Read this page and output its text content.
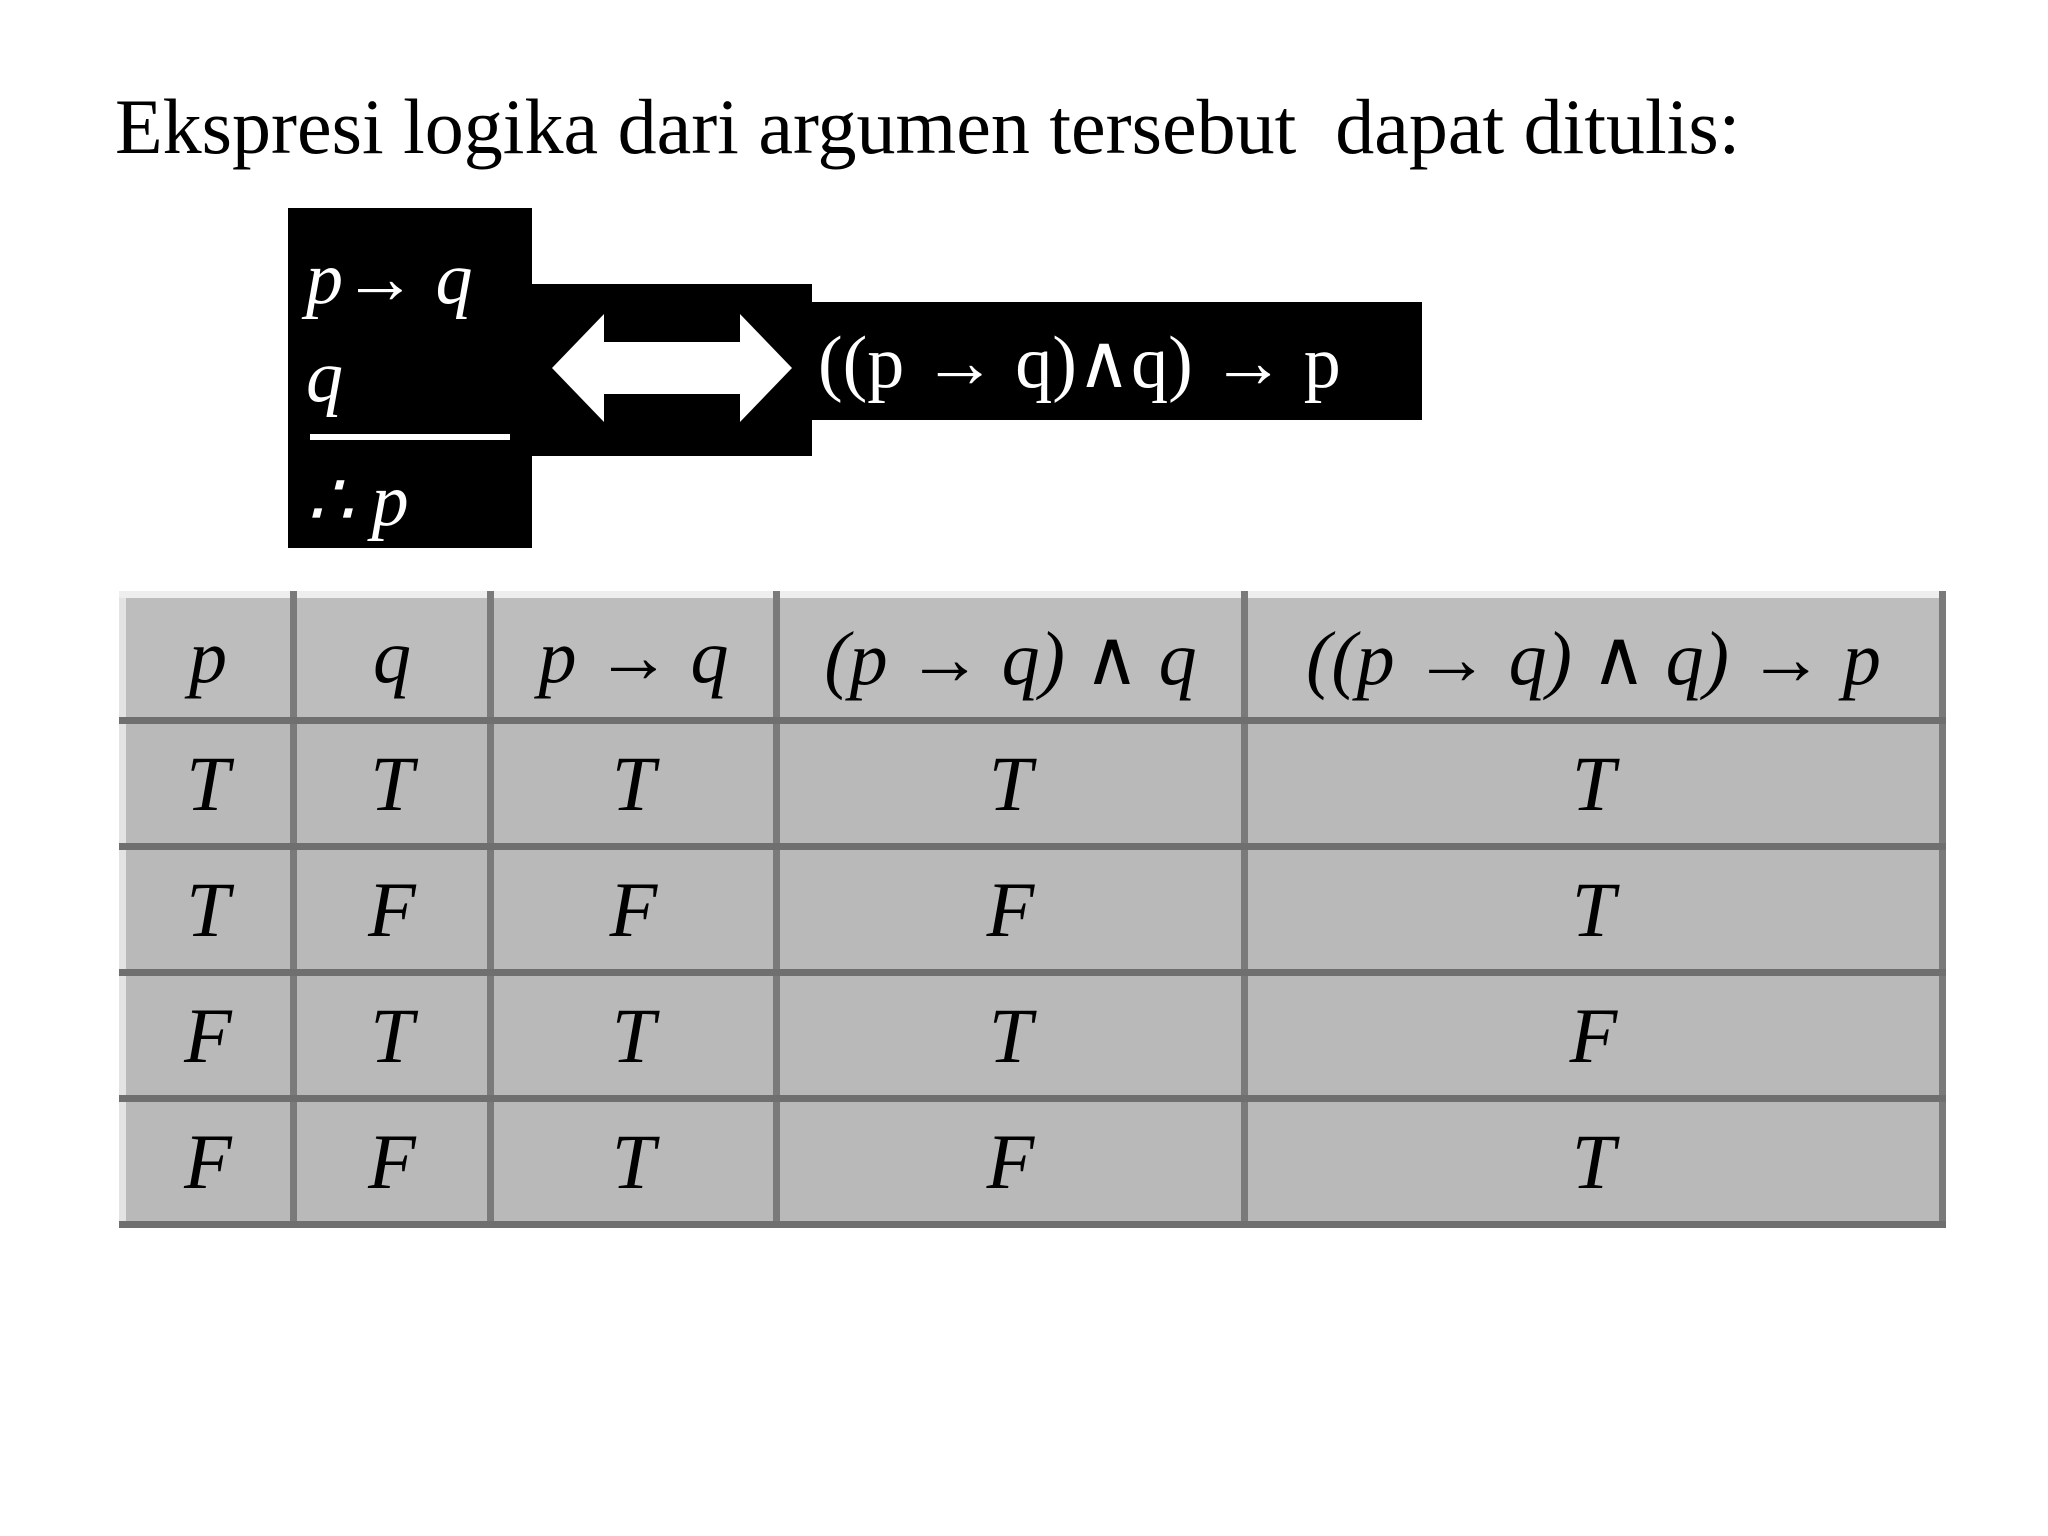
Ekspresi logika dari argumen tersebut  dapat ditulis:
p→ q
q
∴ p
((p → q)∧q) → p
p	q	p → q	(p → q) ∧ q	((p → q) ∧ q) → p
T	T	T	T	T
T	F	F	F	T
F	T	T	T	F
F	F	T	F	T
